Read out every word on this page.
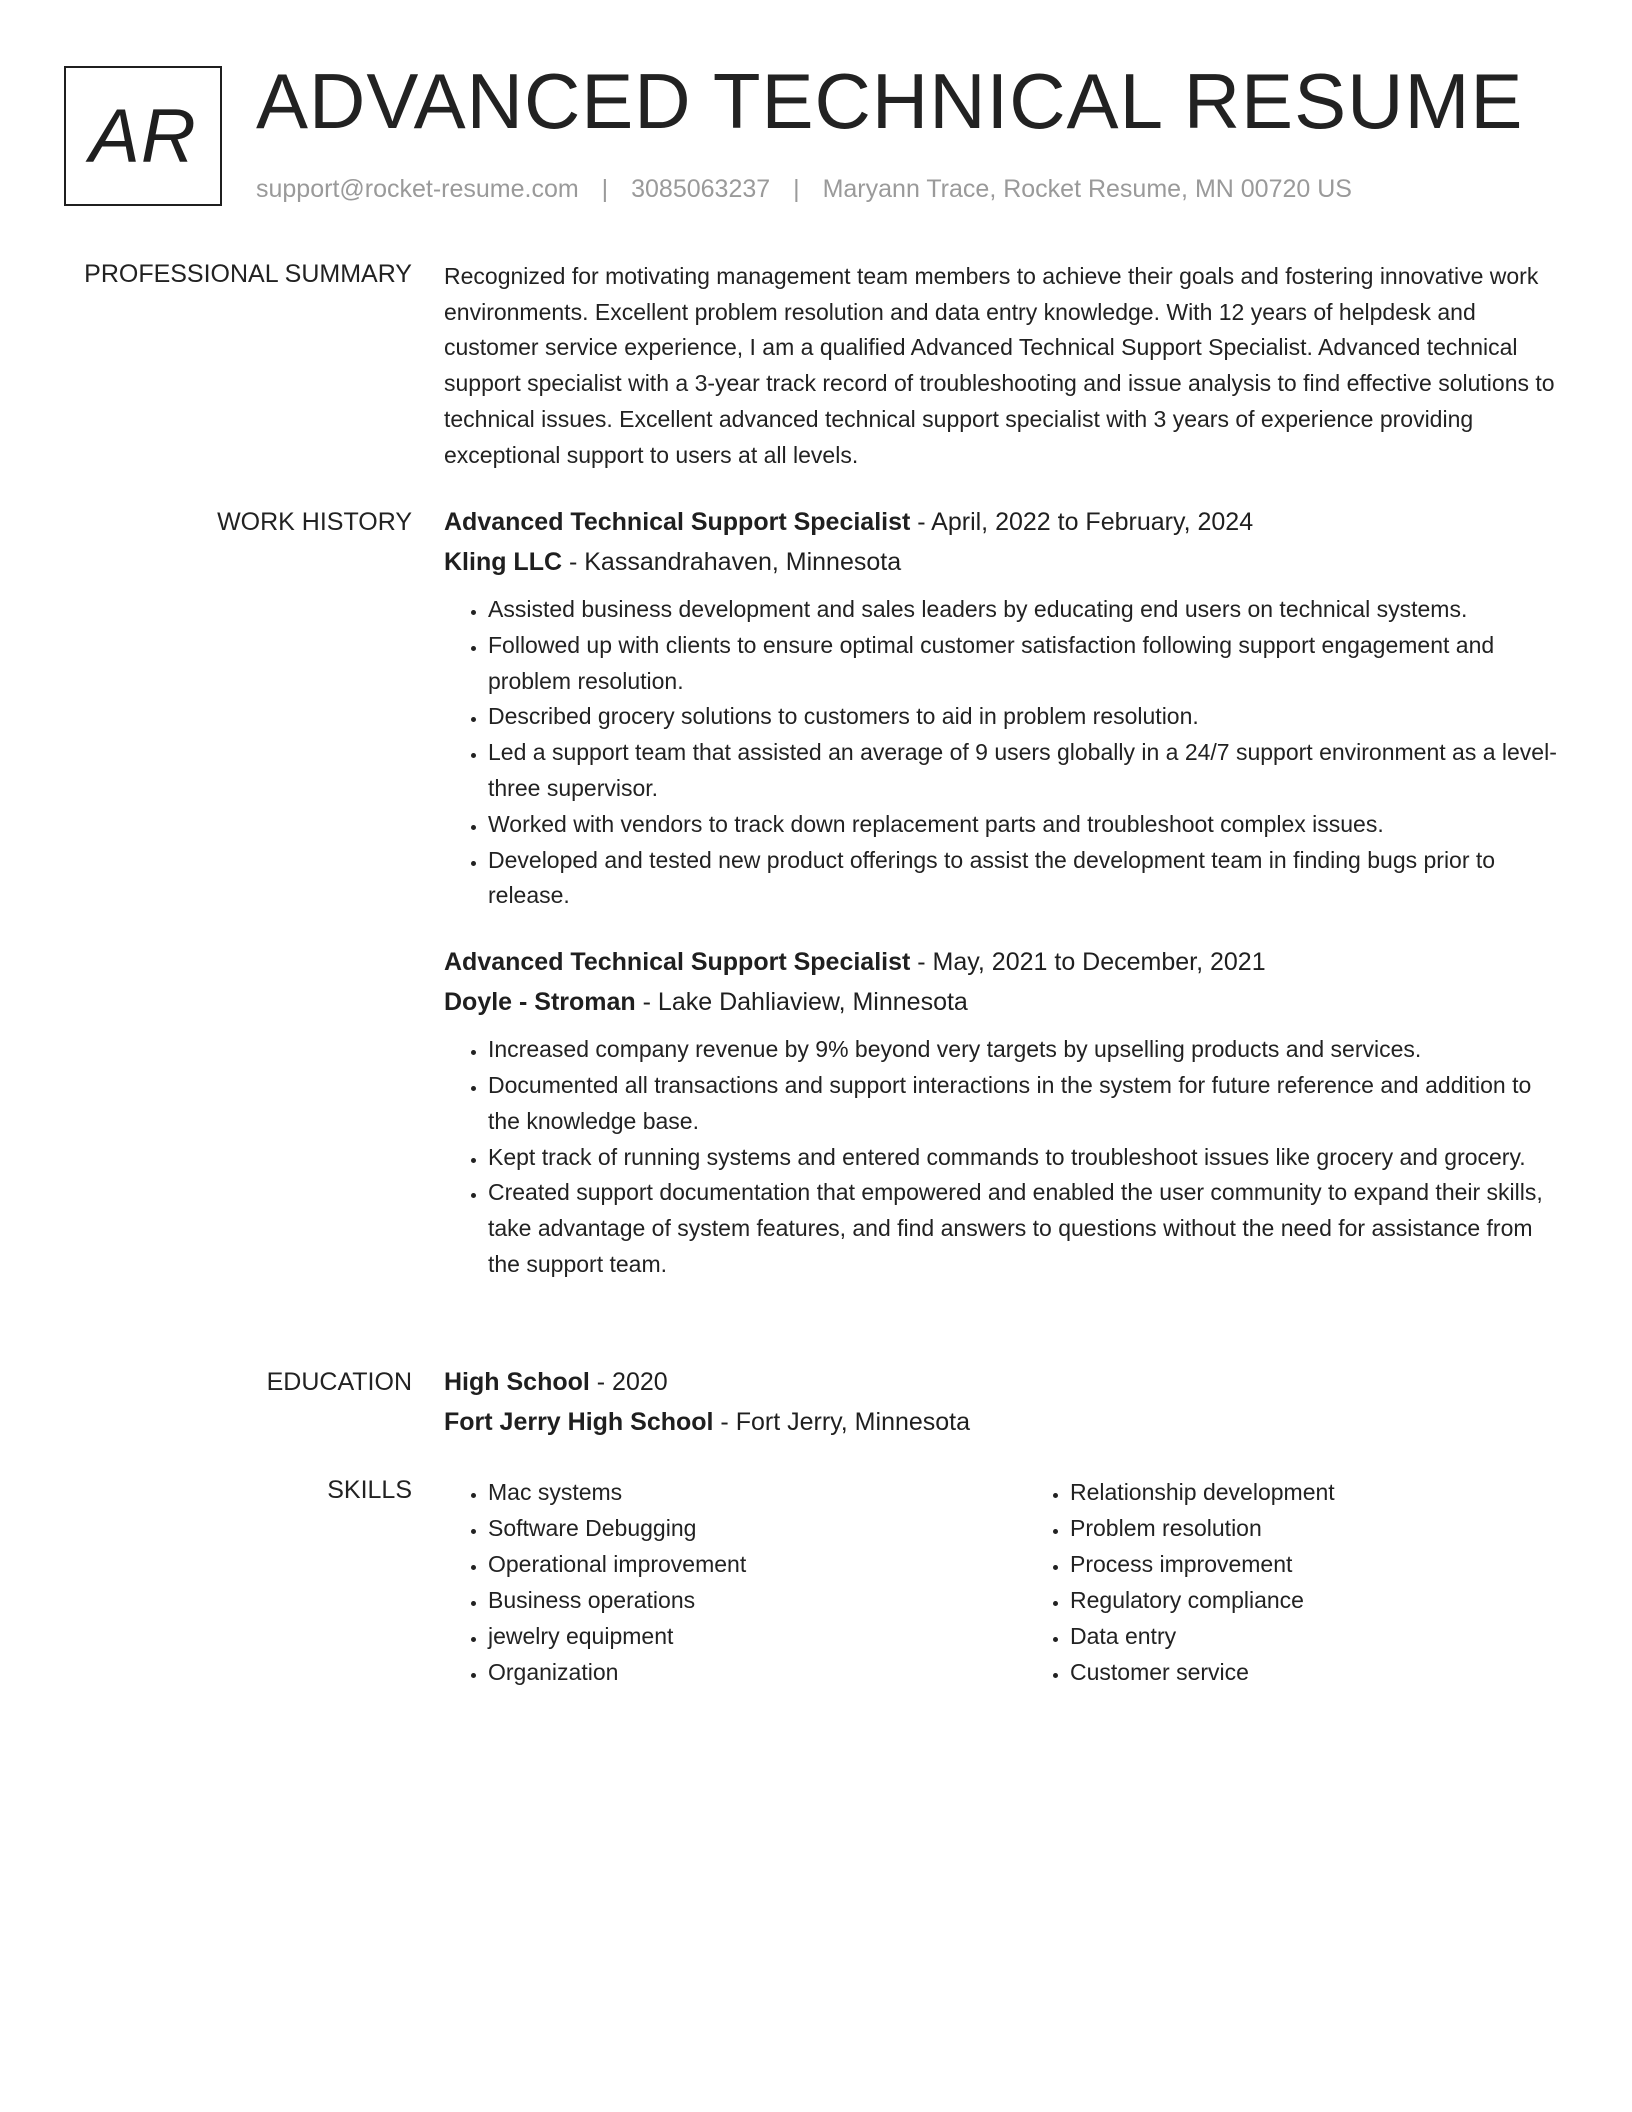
AR ADVANCED TECHNICAL RESUME
support@rocket-resume.com | 3085063237 | Maryann Trace, Rocket Resume, MN 00720 US
PROFESSIONAL SUMMARY Recognized for motivating management team members to achieve their goals and fostering innovative work environments. Excellent problem resolution and data entry knowledge. With 12 years of helpdesk and customer service experience, I am a qualified Advanced Technical Support Specialist. Advanced technical support specialist with a 3-year track record of troubleshooting and issue analysis to find effective solutions to technical issues. Excellent advanced technical support specialist with 3 years of experience providing exceptional support to users at all levels.

WORK HISTORY Advanced Technical Support Specialist - April, 2022 to February, 2024
Kling LLC - Kassandrahaven, Minnesota
• Assisted business development and sales leaders by educating end users on technical systems.
• Followed up with clients to ensure optimal customer satisfaction following support engagement and problem resolution.
• Described grocery solutions to customers to aid in problem resolution.
• Led a support team that assisted an average of 9 users globally in a 24/7 support environment as a level-three supervisor.
• Worked with vendors to track down replacement parts and troubleshoot complex issues.
• Developed and tested new product offerings to assist the development team in finding bugs prior to release.
Advanced Technical Support Specialist - May, 2021 to December, 2021
Doyle - Stroman - Lake Dahliaview, Minnesota
• Increased company revenue by 9% beyond very targets by upselling products and services.
• Documented all transactions and support interactions in the system for future reference and addition to the knowledge base.
• Kept track of running systems and entered commands to troubleshoot issues like grocery and grocery.
• Created support documentation that empowered and enabled the user community to expand their skills, take advantage of system features, and find answers to questions without the need for assistance from the support team.
EDUCATION High School - 2020
Fort Jerry High School - Fort Jerry, Minnesota
SKILLS
•	Mac systems
• Software Debugging
• Operational improvement
• Business operations
• jewelry equipment
• Organization
• Relationship development
• Problem resolution
• Process improvement
• Regulatory compliance
• Data entry
• Customer service
